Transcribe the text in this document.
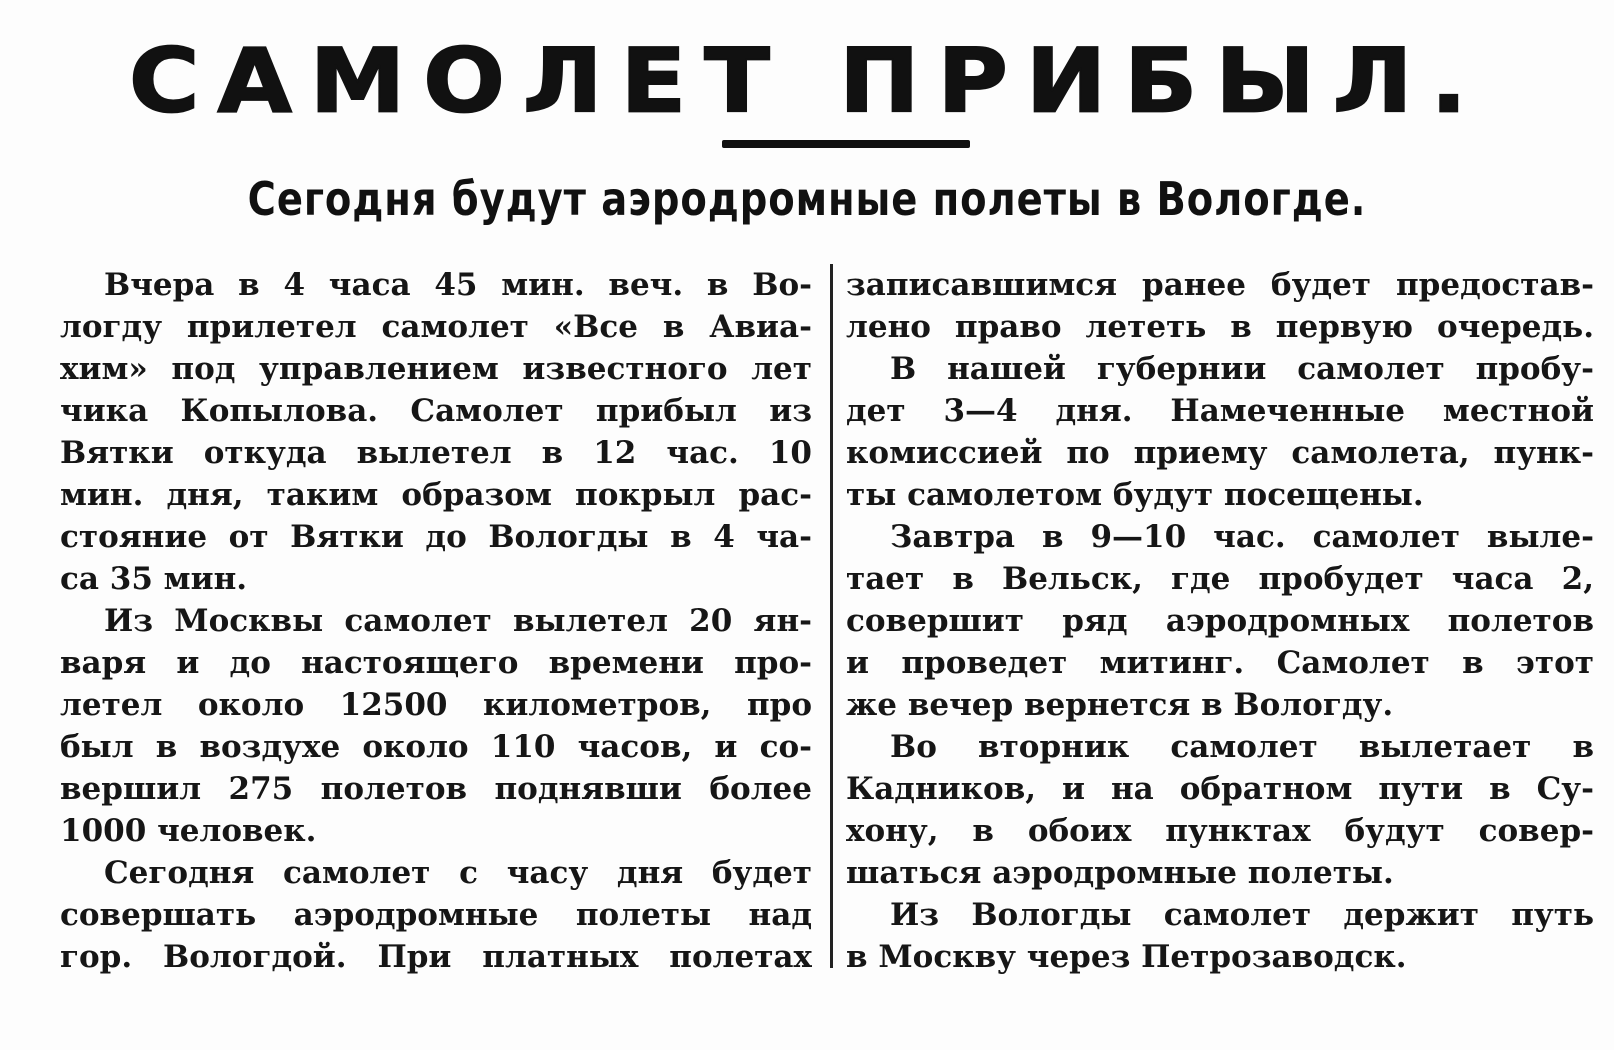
САМОЛЕТ ПРИБЫЛ.
Сегодня будут аэродромные полеты в Вологде.
Вчера в 4 часа 45 мин. веч. в Во-
логду прилетел самолет «Все в Авиа-
хим» под управлением известного лет
чика Копылова. Самолет прибыл из
Вятки откуда вылетел в 12 час. 10
мин. дня, таким образом покрыл рас-
стояние от Вятки до Вологды в 4 ча-
са 35 мин.
Из Москвы самолет вылетел 20 ян-
варя и до настоящего времени про-
летел около 12500 километров, про
был в воздухе около 110 часов, и со-
вершил 275 полетов поднявши более
1000 человек.
Сегодня самолет с часу дня будет
совершать аэродромные полеты над
гор. Вологдой. При платных полетах
записавшимся ранее будет предостав-
лено право лететь в первую очередь.
В нашей губернии самолет пробу-
дет 3—4 дня. Намеченные местной
комиссией по приему самолета, пунк-
ты самолетом будут посещены.
Завтра в 9—10 час. самолет выле-
тает в Вельск, где пробудет часа 2,
совершит ряд аэродромных полетов
и проведет митинг. Самолет в этот
же вечер вернется в Вологду.
Во вторник самолет вылетает в
Кадников, и на обратном пути в Су-
хону, в обоих пунктах будут совер-
шаться аэродромные полеты.
Из Вологды самолет держит путь
в Москву через Петрозаводск.
